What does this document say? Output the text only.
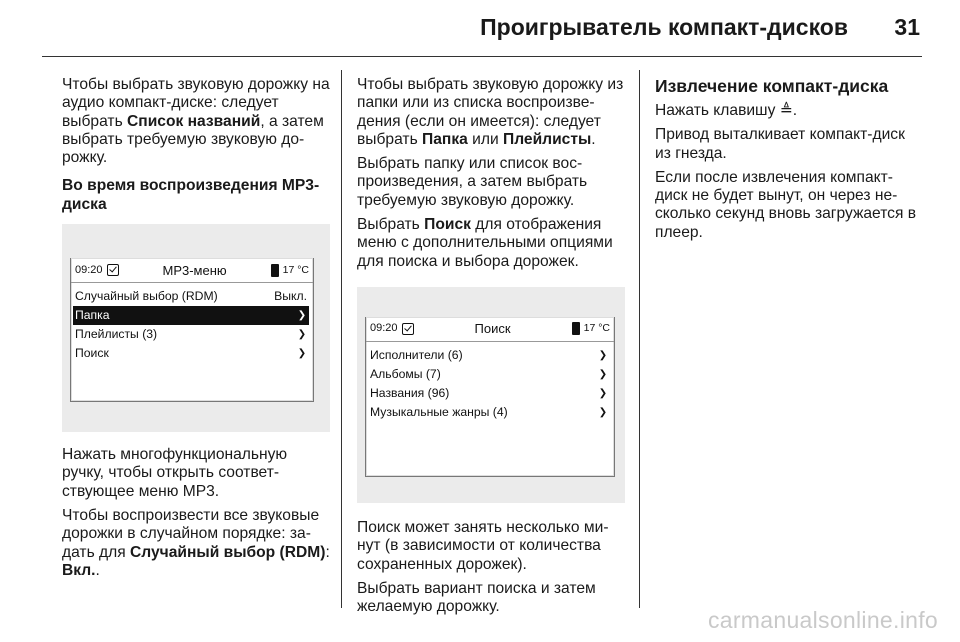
Проигрыватель компакт-дисков 31

Чтобы выбрать звуковую дорожку на аудио компакт-диске: следует выбрать Список названий, а затем выбрать требуемую звуковую до-рожку.

Во время воспроизведения МР3-диска

09:20	MP3-меню	17 °C
Случайный выбор (RDM)	Выкл.
Папка	❯
Плейлисты (3)	❯
Поиск	❯

Нажать многофункциональную ручку, чтобы открыть соответ-ствующее меню МР3.

Чтобы воспроизвести все звуковые дорожки в случайном порядке: за-дать для Случайный выбор (RDM): Вкл..

Чтобы выбрать звуковую дорожку из папки или из списка воспроизве-дения (если он имеется): следует выбрать Папка или Плейлисты.

Выбрать папку или список вос-произведения, а затем выбрать требуемую звуковую дорожку.

Выбрать Поиск для отображения меню с дополнительными опциями для поиска и выбора дорожек.

09:20	Поиск	17 °C
Исполнители (6)	❯
Альбомы (7)	❯
Названия (96)	❯
Музыкальные жанры (4)	❯

Поиск может занять несколько ми-нут (в зависимости от количества сохраненных дорожек).

Выбрать вариант поиска и затем желаемую дорожку.

Извлечение компакт-диска

Нажать клавишу ≜.

Привод выталкивает компакт-диск из гнезда.

Если после извлечения компакт-диск не будет вынут, он через не-сколько секунд вновь загружается в плеер.

carmanualsonline.info
